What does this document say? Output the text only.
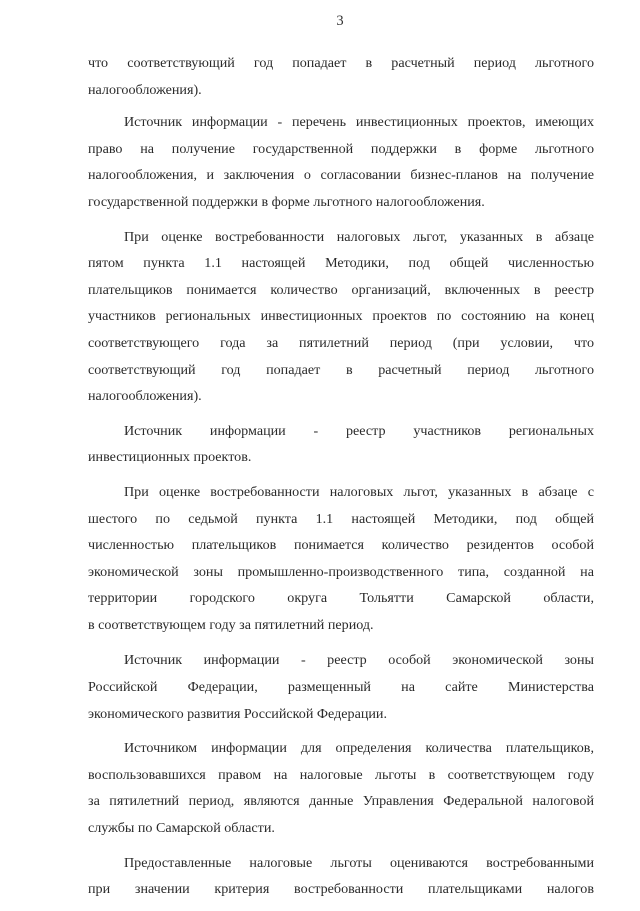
3
что соответствующий год попадает в расчетный период льготного
налогообложения).
Источник информации - перечень инвестиционных проектов, имеющих
право на получение государственной поддержки в форме льготного
налогообложения, и заключения о согласовании бизнес-планов на получение
государственной поддержки в форме льготного налогообложения.
При оценке востребованности налоговых льгот, указанных в абзаце
пятом пункта 1.1 настоящей Методики, под общей численностью
плательщиков понимается количество организаций, включенных в реестр
участников региональных инвестиционных проектов по состоянию на конец
соответствующего года за пятилетний период (при условии, что
соответствующий год попадает в расчетный период льготного
налогообложения).
Источник информации - реестр участников региональных
инвестиционных проектов.
При оценке востребованности налоговых льгот, указанных в абзаце с
шестого по седьмой пункта 1.1 настоящей Методики, под общей
численностью плательщиков понимается количество резидентов особой
экономической зоны промышленно-производственного типа, созданной на
территории городского округа Тольятти Самарской области,
в соответствующем году за пятилетний период.
Источник информации - реестр особой экономической зоны
Российской Федерации, размещенный на сайте Министерства
экономического развития Российской Федерации.
Источником информации для определения количества плательщиков,
воспользовавшихся правом на налоговые льготы в соответствующем году
за пятилетний период, являются данные Управления Федеральной налоговой
службы по Самарской области.
Предоставленные налоговые льготы оцениваются востребованными
при значении критерия востребованности плательщиками налогов
